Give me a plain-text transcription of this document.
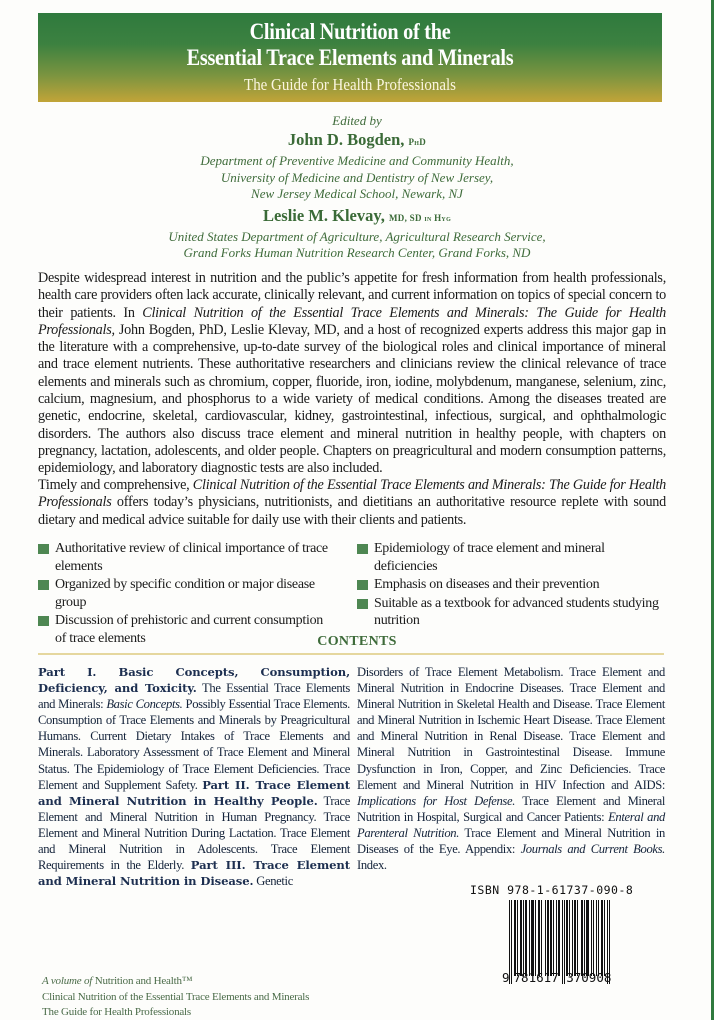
Clinical Nutrition of the
Essential Trace Elements and Minerals
The Guide for Health Professionals
Edited by
John D. Bogden, PhD
Department of Preventive Medicine and Community Health,
University of Medicine and Dentistry of New Jersey,
New Jersey Medical School, Newark, NJ
Leslie M. Klevay, MD, SD in Hyg
United States Department of Agriculture, Agricultural Research Service,
Grand Forks Human Nutrition Research Center, Grand Forks, ND

Despite widespread interest in nutrition and the public’s appetite for fresh information from health professionals, health care providers often lack accurate, clinically relevant, and current information on topics of special concern to their patients. In Clinical Nutrition of the Essential Trace Elements and Minerals: The Guide for Health Professionals, John Bogden, PhD, Leslie Klevay, MD, and a host of recognized experts address this major gap in the literature with a comprehensive, up-to-date survey of the biological roles and clinical importance of mineral and trace element nutrients. These authoritative researchers and clinicians review the clinical relevance of trace elements and minerals such as chromium, copper, fluoride, iron, iodine, molybdenum, manganese, selenium, zinc, calcium, magnesium, and phosphorus to a wide variety of medical conditions. Among the diseases treated are genetic, endocrine, skeletal, cardiovascular, kidney, gastrointestinal, infectious, surgical, and ophthalmologic disorders. The authors also discuss trace element and mineral nutrition in healthy people, with chapters on pregnancy, lactation, adolescents, and older people. Chapters on preagricultural and modern consumption patterns, epidemiology, and laboratory diagnostic tests are also included.

Timely and comprehensive, Clinical Nutrition of the Essential Trace Elements and Minerals: The Guide for Health Professionals offers today’s physicians, nutritionists, and dietitians an authoritative resource replete with sound dietary and medical advice suitable for daily use with their clients and patients.

Authoritative review of clinical importance of trace elements
Organized by specific condition or major disease group
Discussion of prehistoric and current consumption of trace elements
Epidemiology of trace element and mineral deficiencies
Emphasis on diseases and their prevention
Suitable as a textbook for advanced students studying nutrition
CONTENTS

Part I. Basic Concepts, Consumption, Deficiency, and Toxicity. The Essential Trace Elements and Minerals: Basic Concepts. Possibly Essential Trace Elements. Consumption of Trace Elements and Minerals by Preagricultural Humans. Current Dietary Intakes of Trace Elements and Minerals. Laboratory Assessment of Trace Element and Mineral Status. The Epidemiology of Trace Element Deficiencies. Trace Element and Supplement Safety. Part II. Trace Element and Mineral Nutrition in Healthy People. Trace Element and Mineral Nutrition in Human Pregnancy. Trace Element and Mineral Nutrition During Lactation. Trace Element and Mineral Nutrition in Adolescents. Trace Element Requirements in the Elderly. Part III. Trace Element and Mineral Nutrition in Disease. Genetic

Disorders of Trace Element Metabolism. Trace Element and Mineral Nutrition in Endocrine Diseases. Trace Element and Mineral Nutrition in Skeletal Health and Disease. Trace Element and Mineral Nutrition in Ischemic Heart Disease. Trace Element and Mineral Nutrition in Renal Disease. Trace Element and Mineral Nutrition in Gastrointestinal Disease. Immune Dysfunction in Iron, Copper, and Zinc Deficiencies. Trace Element and Mineral Nutrition in HIV Infection and AIDS: Implications for Host Defense. Trace Element and Mineral Nutrition in Hospital, Surgical and Cancer Patients: Enteral and Parenteral Nutrition. Trace Element and Mineral Nutrition in Diseases of the Eye. Appendix: Journals and Current Books. Index.

A volume of Nutrition and Health™
Clinical Nutrition of the Essential Trace Elements and Minerals
The Guide for Health Professionals
ISBN 978-1-61737-090-8
9 781617 370908
